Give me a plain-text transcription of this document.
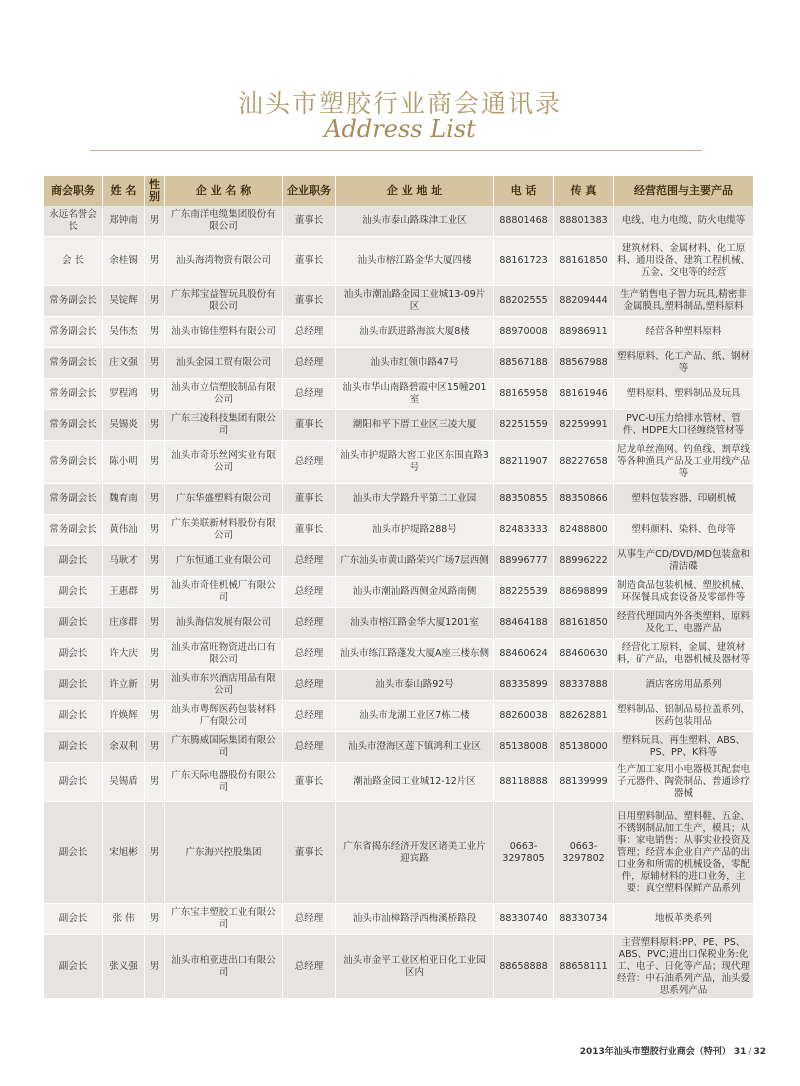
汕头市塑胶行业商会通讯录
Address List
商会职务	姓 名	性别	企 业 名 称	企业职务	企 业 地 址	电 话	传 真	经营范围与主要产品
永远名誉会长	郑钟南	男	广东南洋电缆集团股份有限公司	董事长	汕头市泰山路珠津工业区	88801468	88801383	电线、电力电缆、防火电缆等
会 长	余桂锡	男	汕头海湾物资有限公司	董事长	汕头市榕江路金华大厦四楼	88161723	88161850	建筑材料、金属材料、化工原料、通用设备、建筑工程机械、五金、交电等的经营
常务副会长	吴锭辉	男	广东邦宝益智玩具股份有限公司	董事长	汕头市潮汕路金园工业城13-09片区	88202555	88209444	生产销售电子智力玩具,精密非金属膜具,塑料制品,塑料原料
常务副会长	吴伟杰	男	汕头市锦佳塑料有限公司	总经理	汕头市跃进路海滨大厦8楼	88970008	88986911	经营各种塑料原料
常务副会长	庄文强	男	汕头金园工贸有限公司	总经理	汕头市红领巾路47号	88567188	88567988	塑料原料、化工产品、纸、钢材等
常务副会长	罗程鸿	男	汕头市立信塑胶制品有限公司	总经理	汕头市华山南路碧霞中区15幢201室	88165958	88161946	塑料原料、塑料制品及玩具
常务副会长	吴锡炎	男	广东三凌科技集团有限公司	董事长	潮阳和平下厝工业区三凌大厦	82251559	82259991	PVC-U压力给排水管材、管件、HDPE大口径缠绕管材等
常务副会长	陈小明	男	汕头市奇乐丝网实业有限公司	总经理	汕头市护堤路大窖工业区东围直路3号	88211907	88227658	尼龙单丝渔网、钓鱼线、割草线等各种渔具产品及工业用线产品等
常务副会长	魏育南	男	广东华盛塑料有限公司	董事长	汕头市大学路升平第二工业园	88350855	88350866	塑料包装容器、印刷机械
常务副会长	黄伟汕	男	广东美联新材料股份有限公司	董事长	汕头市护堤路288号	82483333	82488800	塑料颜料、染料、色母等
副会长	马耿才	男	广东恒通工业有限公司	总经理	广东汕头市黄山路荣兴广场7层西侧	88996777	88996222	从事生产CD/DVD/MD包装盒和清洁碟
副会长	王惠群	男	汕头市奇佳机械厂有限公司	总经理	汕头市潮汕路西侧金凤路南侧	88225539	88698899	制造食品包装机械、塑胶机械、环保餐具成套设备及零部件等
副会长	庄彦群	男	汕头海信发展有限公司	总经理	汕头市榕江路金华大厦1201室	88464188	88161850	经营代理国内外各类塑料、原料及化工、电器产品
副会长	许大庆	男	汕头市富旺物资进出口有限公司	总经理	汕头市练江路蓬发大厦A座三楼东侧	88460624	88460630	经营化工原料，金属、建筑材料，矿产品，电器机械及器材等
副会长	许立新	男	汕头市东兴酒店用品有限公司	总经理	汕头市泰山路92号	88335899	88337888	酒店客房用品系列
副会长	许焕辉	男	汕头市粤辉医药包装材料厂有限公司	总经理	汕头市龙湖工业区7栋二楼	88260038	88262881	塑料制品、铝制品易拉盖系列、医药包装用品
副会长	余双利	男	广东腾威国际集团有限公司	总经理	汕头市澄海区莲下镇鸿利工业区	85138008	85138000	塑料玩具、再生塑料、ABS、PS、PP、K料等
副会长	吴锡盾	男	广东天际电器股份有限公司	董事长	潮汕路金园工业城12-12片区	88118888	88139999	生产加工家用小电器极其配套电子元器件、陶瓷制品、普通诊疗器械
副会长	宋旭彬	男	广东海兴控股集团	董事长	广东省揭东经济开发区诸美工业片迎宾路	0663-3297805	0663-3297802	日用塑料制品、塑料鞋、五金、不锈钢制品加工生产，模具；从事：家电销售：从事实业投资及管理；经营本企业自产产品的出口业务和所需的机械设备，零配件，原辅材料的进口业务，主要：真空塑料保鲜产品系列
副会长	张 伟	男	广东宝丰塑胶工业有限公司	总经理	汕头市汕樟路浮西梅溪桥路段	88330740	88330734	地板革类系列
副会长	张义强	男	汕头市柏亚进出口有限公司	总经理	汕头市金平工业区柏亚日化工业园区内	88658888	88658111	主营塑料原料:PP、PE、PS、ABS、PVC;进出口保税业务:化工、电子、日化等产品；现代理经营：中石油系列产品，汕头爱思系列产品
2013年汕头市塑胶行业商会（特刊） 31 / 32
